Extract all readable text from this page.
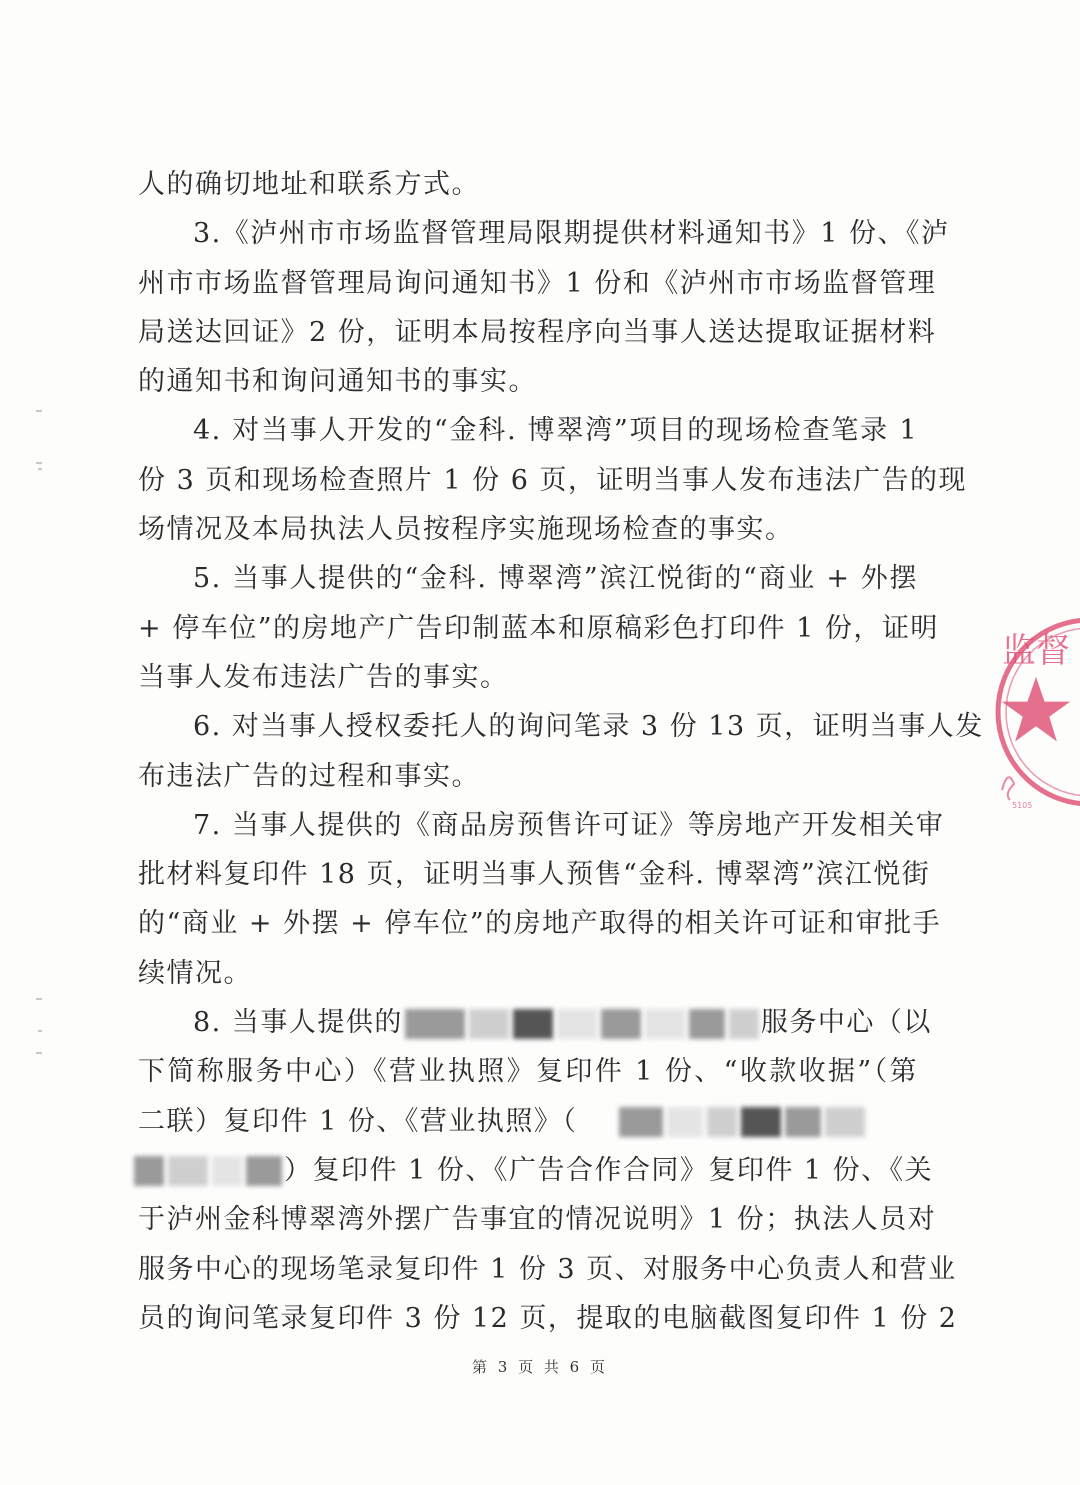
人的确切地址和联系方式。
3.《泸州市市场监督管理局限期提供材料通知书》1 份、《泸
州市市场监督管理局询问通知书》1 份和《泸州市市场监督管理
局送达回证》2 份，证明本局按程序向当事人送达提取证据材料
的通知书和询问通知书的事实。
4. 对当事人开发的“金科. 博翠湾”项目的现场检查笔录 1
份 3 页和现场检查照片 1 份 6 页，证明当事人发布违法广告的现
场情况及本局执法人员按程序实施现场检查的事实。
5. 当事人提供的“金科. 博翠湾”滨江悦街的“商业 + 外摆
+ 停车位”的房地产广告印制蓝本和原稿彩色打印件 1 份，证明
当事人发布违法广告的事实。
6. 对当事人授权委托人的询问笔录 3 份 13 页，证明当事人发
布违法广告的过程和事实。
7. 当事人提供的《商品房预售许可证》等房地产开发相关审
批材料复印件 18 页，证明当事人预售“金科. 博翠湾”滨江悦街
的“商业 + 外摆 + 停车位”的房地产取得的相关许可证和审批手
续情况。
8. 当事人提供的	服务中心（以
下简称服务中心）《营业执照》复印件 1 份、“收款收据”（第
二联）复印件 1 份、《营业执照》（
）复印件 1 份、《广告合作合同》复印件 1 份、《关
于泸州金科博翠湾外摆广告事宜的情况说明》1 份；执法人员对
服务中心的现场笔录复印件 1 份 3 页、对服务中心负责人和营业
员的询问笔录复印件 3 份 12 页，提取的电脑截图复印件 1 份 2
第 3 页 共 6 页
监督
5105
